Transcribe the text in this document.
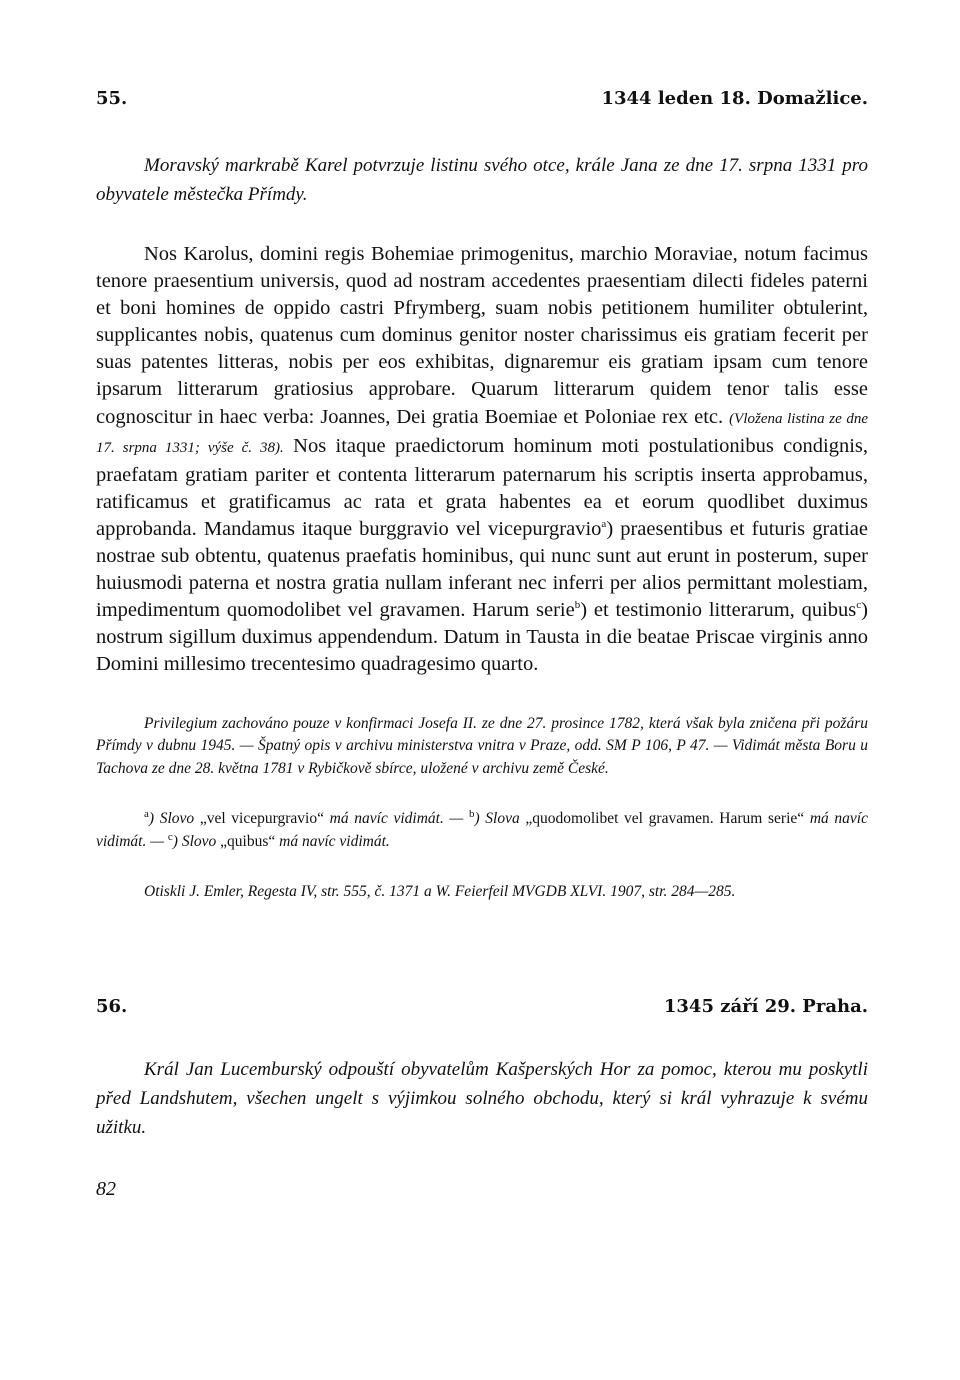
55.	1344 leden 18. Domažlice.
Moravský markrabě Karel potvrzuje listinu svého otce, krále Jana ze dne 17. srpna 1331 pro obyvatele městečka Přímdy.
Nos Karolus, domini regis Bohemiae primogenitus, marchio Moraviae, notum facimus tenore praesentium universis, quod ad nostram accedentes praesentiam dilecti fideles paterni et boni homines de oppido castri Pfrymberg, suam nobis petitionem humiliter obtulerint, supplicantes nobis, quatenus cum dominus genitor noster charissimus eis gratiam fecerit per suas patentes litteras, nobis per eos exhibitas, dignaremur eis gratiam ipsam cum tenore ipsarum litterarum gratiosius approbare. Quarum litterarum quidem tenor talis esse cognoscitur in haec verba: Joannes, Dei gratia Boemiae et Poloniae rex etc. (Vložena listina ze dne 17. srpna 1331; výše č. 38). Nos itaque praedictorum hominum moti postulationibus condignis, praefatam gratiam pariter et contenta litterarum paternarum his scriptis inserta approbamus, ratificamus et gratificamus ac rata et grata habentes ea et eorum quodlibet duximus approbanda. Mandamus itaque burggravio vel vicepurgravio$^a$) praesentibus et futuris gratiae nostrae sub obtentu, quatenus praefatis hominibus, qui nunc sunt aut erunt in posterum, super huiusmodi paterna et nostra gratia nullam inferant nec inferri per alios permittant molestiam, impedimentum quomodolibet vel gravamen. Harum serie$^b$) et testimonio litterarum, quibus$^c$) nostrum sigillum duximus appendendum. Datum in Tausta in die beatae Priscae virginis anno Domini millesimo trecentesimo quadragesimo quarto.
Privilegium zachováno pouze v konfirmaci Josefa II. ze dne 27. prosince 1782, která však byla zničena při požáru Přímdy v dubnu 1945. — Špatný opis v archivu ministerstva vnitra v Praze, odd. SM P 106, P 47. — Vidimát města Boru u Tachova ze dne 28. května 1781 v Rybičkově sbírce, uložené v archivu země České.
$^a$) Slovo „vel vicepurgravio“ má navíc vidimát. — $^b$) Slova „quodomolibet vel gravamen. Harum serie“ má navíc vidimát. — $^c$) Slovo „quibus“ má navíc vidimát.
Otiskli J. Emler, Regesta IV, str. 555, č. 1371 a W. Feierfeil MVGDB XLVI. 1907, str. 284—285.
56.	1345 září 29. Praha.
Král Jan Lucemburský odpouští obyvatelům Kašperských Hor za pomoc, kterou mu poskytli před Landshutem, všechen ungelt s výjimkou solného obchodu, který si král vyhrazuje k svému užitku.
82
